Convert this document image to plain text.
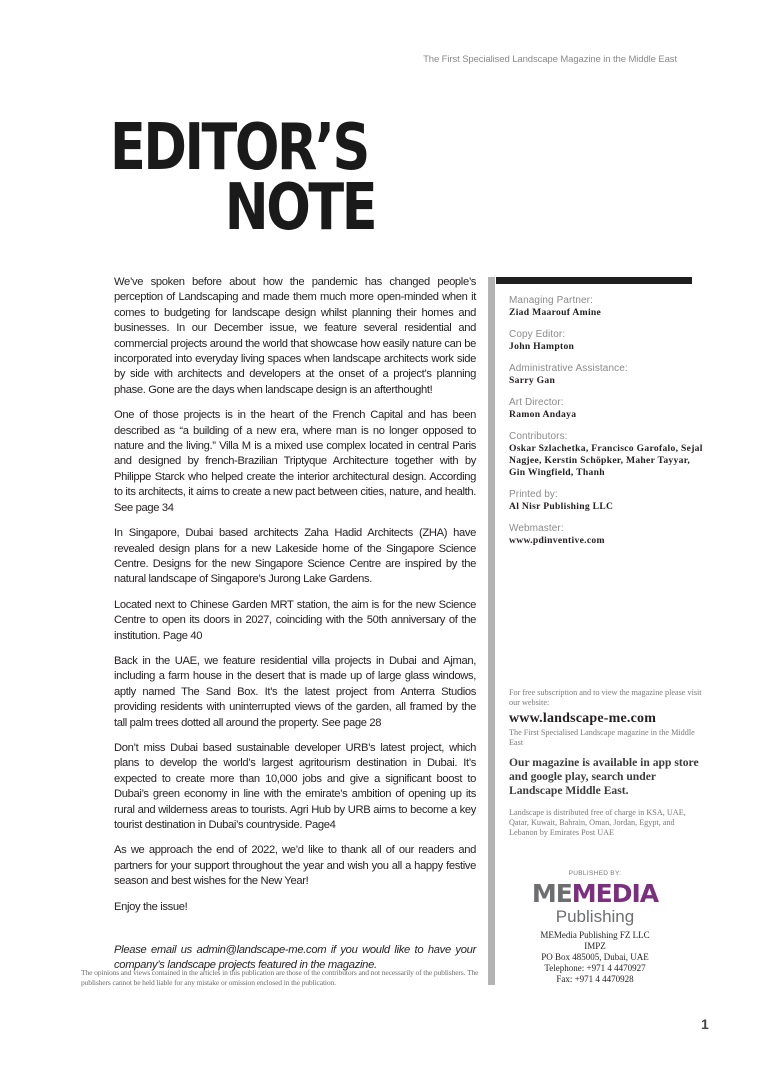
The First Specialised Landscape Magazine in the Middle East
EDITOR’S
NOTE

We’ve spoken before about how the pandemic has changed people’s perception of Landscaping and made them much more open-minded when it comes to budgeting for landscape design whilst planning their homes and businesses. In our December issue, we feature several residential and commercial projects around the world that showcase how easily nature can be incorporated into everyday living spaces when landscape architects work side by side with architects and developers at the onset of a project’s planning phase. Gone are the days when landscape design is an afterthought!

One of those projects is in the heart of the French Capital and has been described as “a building of a new era, where man is no longer opposed to nature and the living.” Villa M is a mixed use complex located in central Paris and designed by french-Brazilian Triptyque Architecture together with by Philippe Starck who helped create the interior architectural design. According to its architects, it aims to create a new pact between cities, nature, and health. See page 34

In Singapore, Dubai based architects Zaha Hadid Architects (ZHA) have revealed design plans for a new Lakeside home of the Singapore Science Centre. Designs for the new Singapore Science Centre are inspired by the natural landscape of Singapore’s Jurong Lake Gardens.

Located next to Chinese Garden MRT station, the aim is for the new Science Centre to open its doors in 2027, coinciding with the 50th anniversary of the institution. Page 40

Back in the UAE, we feature residential villa projects in Dubai and Ajman, including a farm house in the desert that is made up of large glass windows, aptly named The Sand Box. It’s the latest project from Anterra Studios providing residents with uninterrupted views of the garden, all framed by the tall palm trees dotted all around the property. See page 28

Don’t miss Dubai based sustainable developer URB’s latest project, which plans to develop the world’s largest agritourism destination in Dubai. It’s expected to create more than 10,000 jobs and give a significant boost to Dubai’s green economy in line with the emirate’s ambition of opening up its rural and wilderness areas to tourists. Agri Hub by URB aims to become a key tourist destination in Dubai’s countryside. Page4

As we approach the end of 2022, we’d like to thank all of our readers and partners for your support throughout the year and wish you all a happy festive season and best wishes for the New Year!

Enjoy the issue!

Please email us admin@landscape-me.com if you would like to have your company’s landscape projects featured in the magazine.

The opinions and views contained in the articles in this publication are those of the contributors and not necessarily of the publishers. The publishers cannot be held liable for any mistake or omission enclosed in the publication.
Managing Partner:
Ziad Maarouf Amine
Copy Editor:
John Hampton
Administrative Assistance:
Sarry Gan
Art Director:
Ramon Andaya
Contributors:
Oskar Szlachetka, Francisco Garofalo, Sejal Nagjee, Kerstin Schöpker, Maher Tayyar, Gin Wingfield, Thanh
Printed by:
Al Nisr Publishing LLC
Webmaster:
www.pdinventive.com
For free subscription and to view the magazine please visit our website:
www.landscape-me.com
The First Specialised Landscape magazine in the Middle East
Our magazine is available in app store and google play, search under Landscape Middle East.
Landscape is distributed free of charge in KSA, UAE, Qatar, Kuwait, Bahrain, Oman, Jordan, Egypt, and Lebanon by Emirates Post UAE
PUBLISHED BY:
MEMEDIA
Publishing
MEMedia Publishing FZ LLC
IMPZ
PO Box 485005, Dubai, UAE
Telephone: +971 4 4470927
Fax: +971 4 4470928
1
